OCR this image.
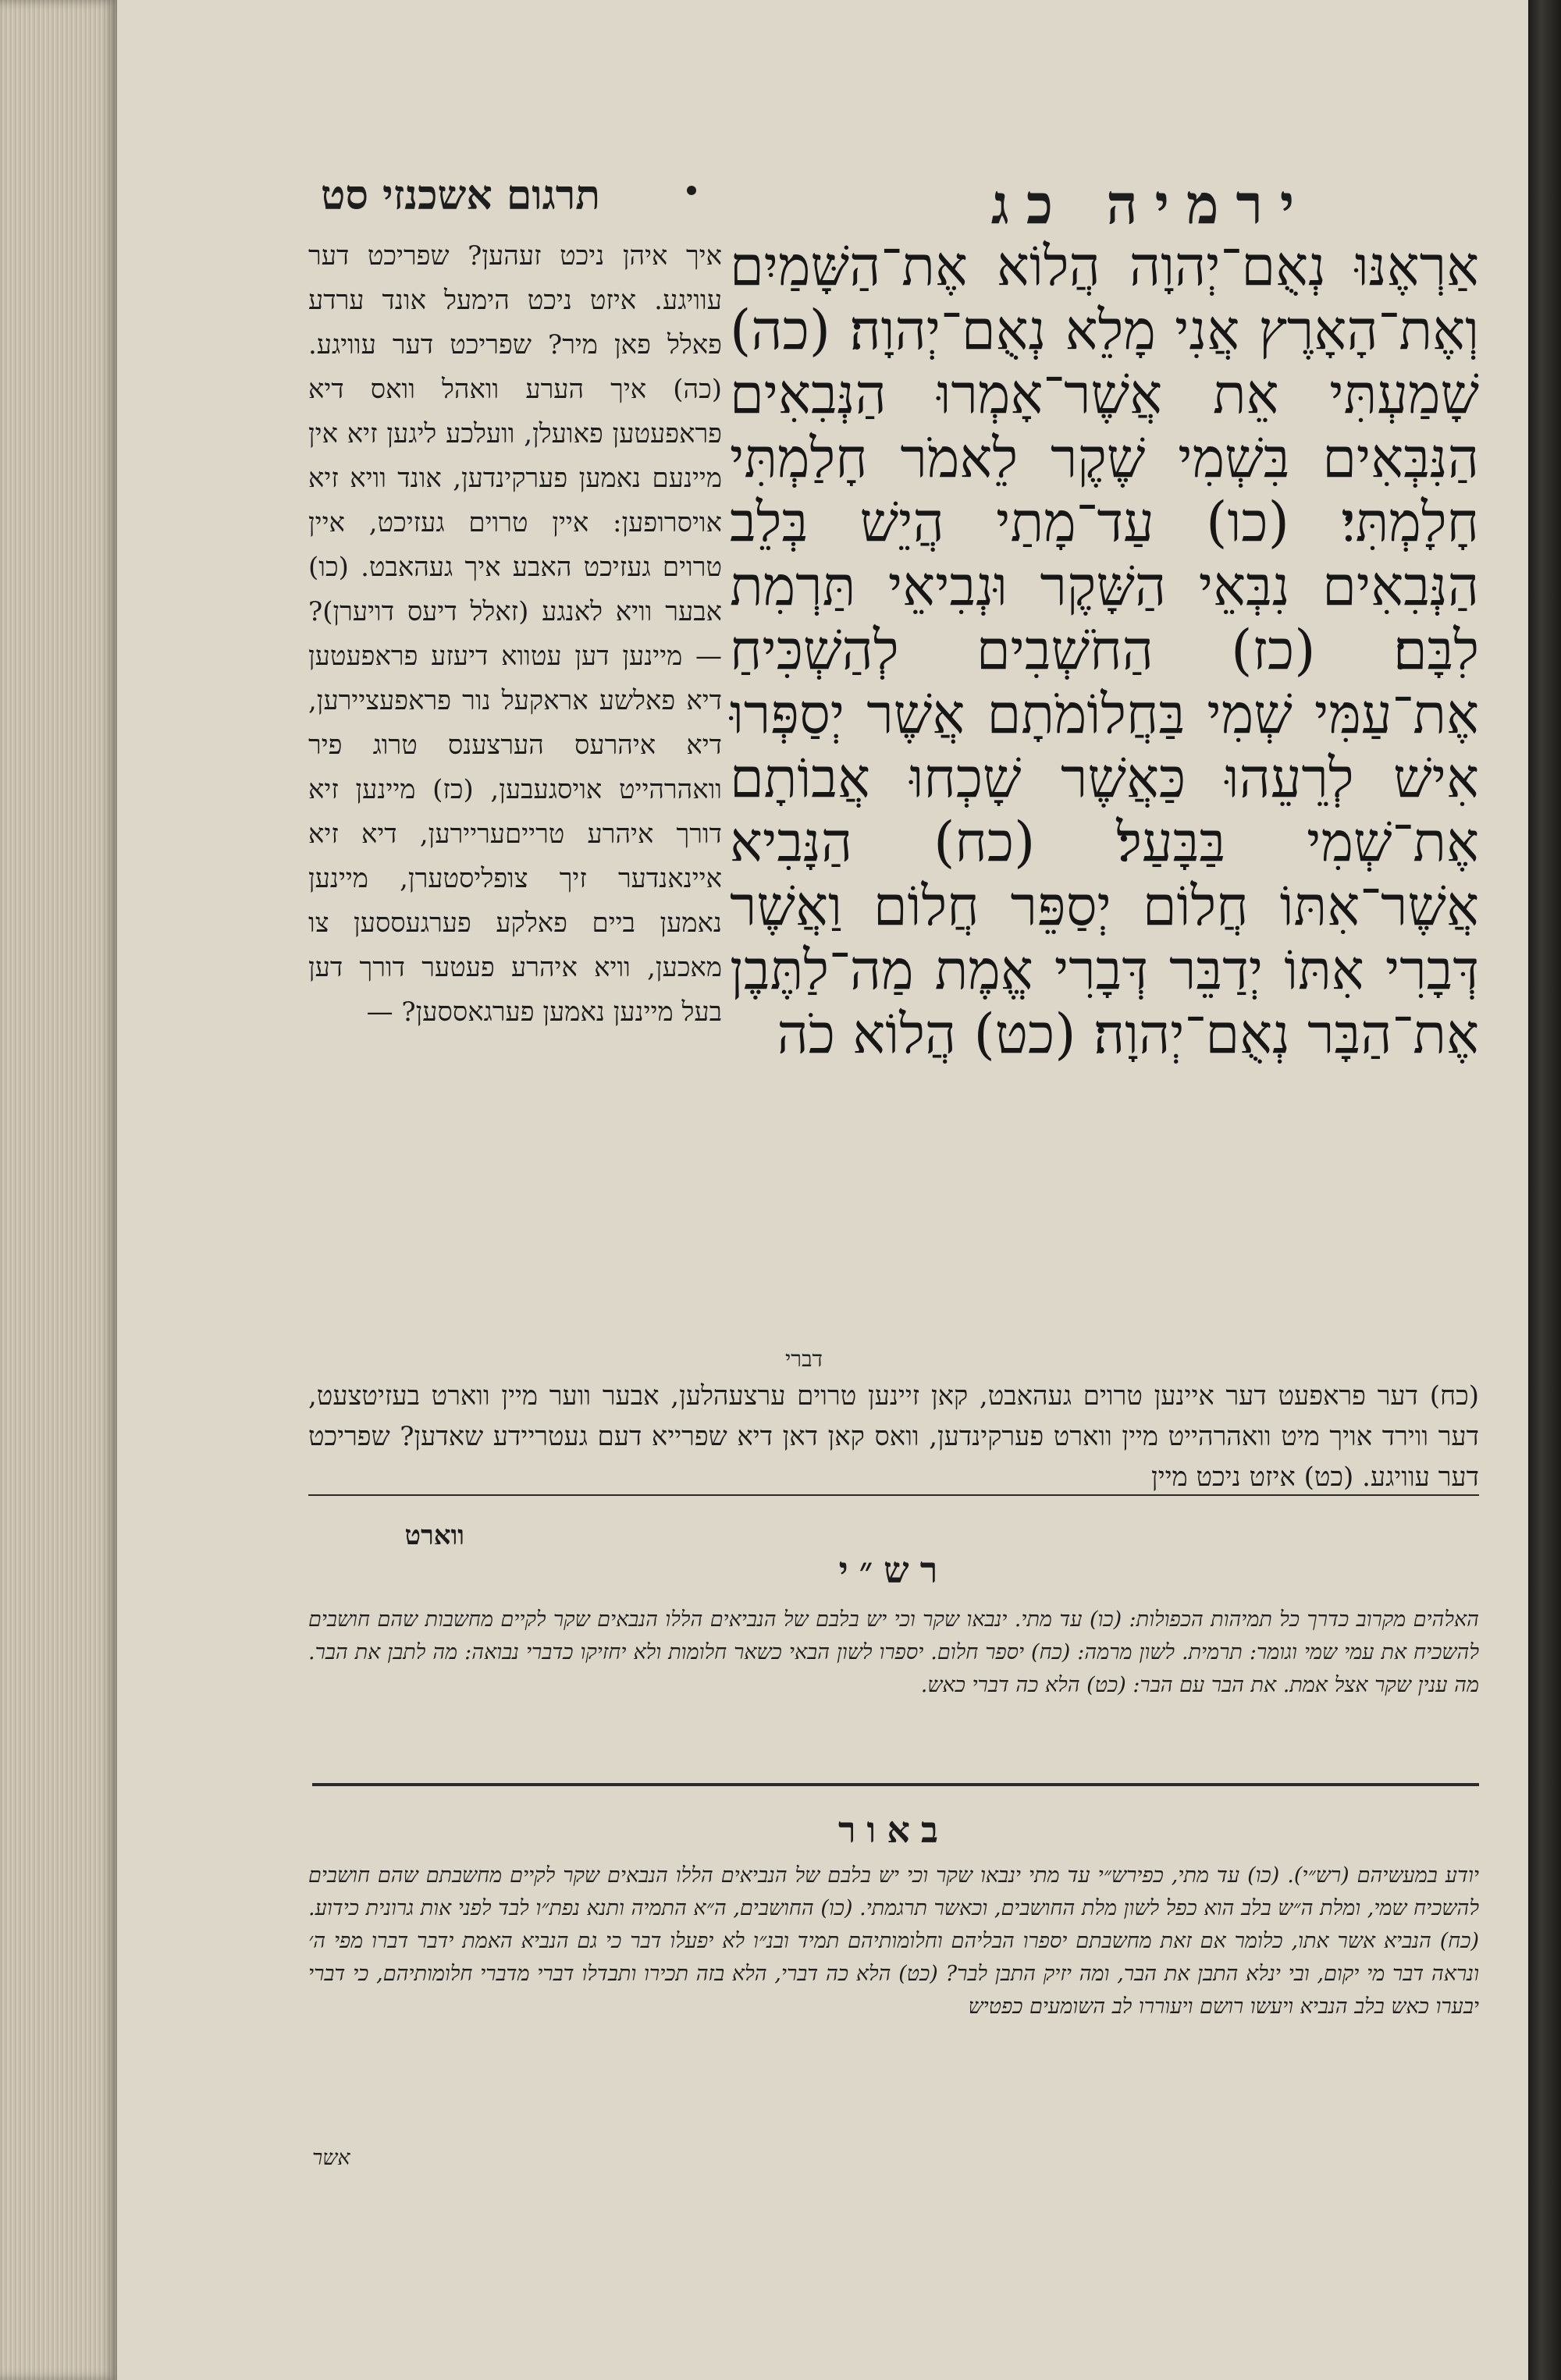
תרגום אשכנזי סט	ירמיה כג
אַרְאֶנּוּ נְאֻם־יְהוָה הֲלוֹא אֶת־הַשָּׁמַיִם וְאֶת־הָאָרֶץ אֲנִי מָלֵא נְאֻם־יְהוָה׃ (כה) שָׁמַעְתִּי אֵת אֲשֶׁר־אָמְרוּ הַנְּבִאִים הַנִּבְּאִים בִּשְׁמִי שֶׁקֶר לֵאמֹר חָלַמְתִּי חָלָמְתִּי׃ (כו) עַד־מָתַי הֲיֵשׁ בְּלֵב הַנְּבִאִים נִבְּאֵי הַשָּׁקֶר וּנְבִיאֵי תַּרְמִת לִבָּם׃ (כז) הַחֹשְׁבִים לְהַשְׁכִּיחַ אֶת־עַמִּי שְׁמִי בַּחֲלוֹמֹתָם אֲשֶׁר יְסַפְּרוּ אִישׁ לְרֵעֵהוּ כַּאֲשֶׁר שָׁכְחוּ אֲבוֹתָם אֶת־שְׁמִי בַּבָּעַל׃ (כח) הַנָּבִיא אֲשֶׁר־אִתּוֹ חֲלוֹם יְסַפֵּר חֲלוֹם וַאֲשֶׁר דְּבָרִי אִתּוֹ יְדַבֵּר דְּבָרִי אֱמֶת מַה־לַתֶּבֶן אֶת־הַבָּר נְאֻם־יְהוָה׃ (כט) הֲלוֹא כֹה
דברי
איך איהן ניכט זעהען? שפריכט דער עוויגע. איזט ניכט הימעל אונד ערדע פאלל פאן מיר? שפריכט דער עוויגע. (כה) איך הערע וואהל וואס דיא פראפעטען פאועלן, וועלכע ליגען זיא אין מיינעם נאמען פערקינדען, אונד וויא זיא אויסרופען: איין טרוים געזיכט, איין טרוים געזיכט האבע איך געהאבט. (כו) אבער וויא לאנגע (זאלל דיעס דויערן)? — מיינען דען עטווא דיעזע פראפעטען דיא פאלשע אראקעל נור פראפעציירען, דיא איהרעס הערצענס טרוג פיר וואהרהייט אויסגעבען, (כז) מיינען זיא דורך איהרע טרייםעריירען, דיא זיא איינאנדער זיך צופליסטערן, מיינען נאמען ביים פאלקע פערגעססען צו מאכען, וויא איהרע פעטער דורך דען בעל מיינען נאמען פערגאססען? —
(כח) דער פראפעט דער איינען טרוים געהאבט, קאן זיינען טרוים ערצעהלען, אבער ווער מיין ווארט בעזיטצעט, דער ווירד אויך מיט וואהרהייט מיין ווארט פערקינדען, וואס קאן דאן דיא שפרייא דעם געטריידע שאדען? שפריכט דער עוויגע. (כט) איזט ניכט מיין
ווארט
רש״י
האלהים מקרוב כדרך כל תמיהות הכפולות: (כו) עד מתי. ינבאו שקר וכי יש בלבם של הנביאים הללו הנבאים שקר לקיים מחשבות שהם חושבים להשכיח את עמי שמי וגומר: תרמית. לשון מרמה: (כח) יספר חלום. יספרו לשון הבאי כשאר חלומות ולא יחזיקו כדברי נבואה: מה לתבן את הבר. מה ענין שקר אצל אמת. את הבר עם הבר: (כט) הלא כה דברי כאש.
באור
יודע במעשיהם (רש״י). (כו) עד מתי, כפירש״י עד מתי ינבאו שקר וכי יש בלבם של הנביאים הללו הנבאים שקר לקיים מחשבתם שהם חושבים להשכיח שמי, ומלת ה״ש בלב הוא כפל לשון מלת החושבים, וכאשר תרגמתי. (כו) החושבים, ה״א התמיה ותנא נפת״ו לבד לפני אות גרונית כידוע. (כח) הנביא אשר אתו, כלומר אם זאת מחשבתם יספרו הבליהם וחלומותיהם תמיד ובנ״ו לא יפעלו דבר כי גם הנביא האמת ידבר דברו מפי ה׳ ונראה דבר מי יקום, ובי ינלא התבן את הבר, ומה יזיק התבן לבר? (כט) הלא כה דברי, הלא בזה תכירו ותבדלו דברי מדברי חלומותיהם, כי דברי יבערו כאש בלב הנביא ויעשו רושם ויעוררו לב השומעים כפטיש
אשר
